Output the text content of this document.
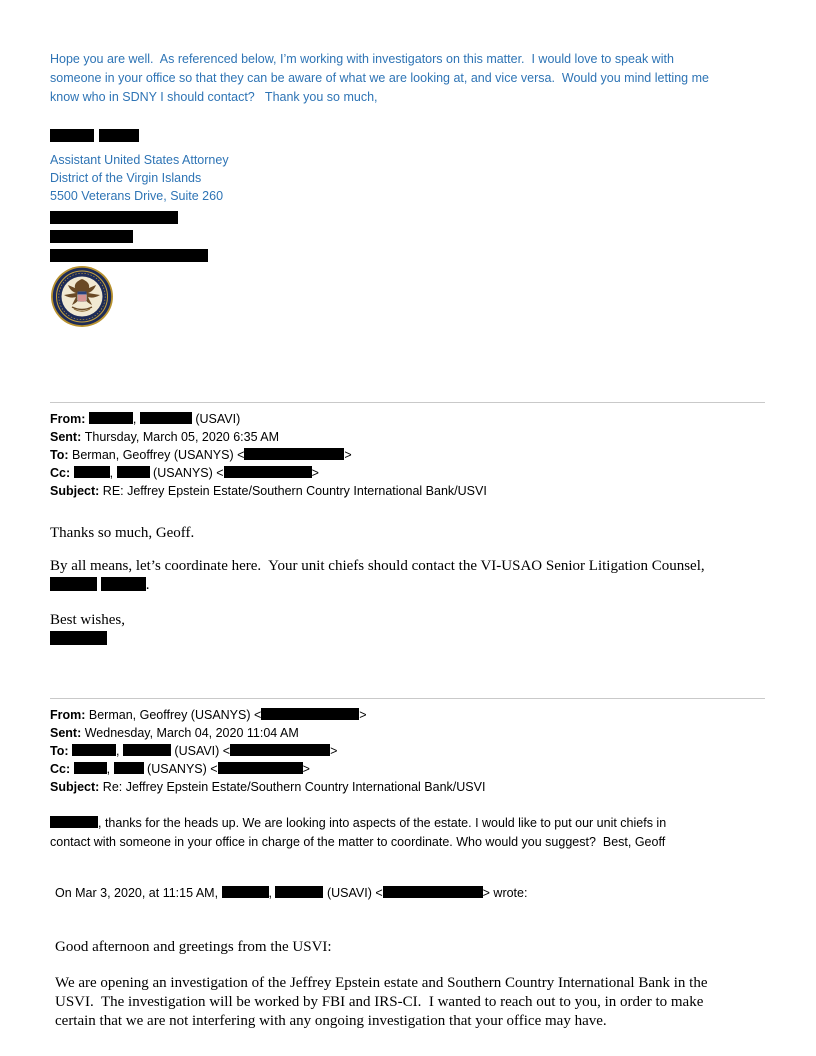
Hope you are well.  As referenced below, I’m working with investigators on this matter.  I would love to speak with
someone in your office so that they can be aware of what we are looking at, and vice versa.  Would you mind letting me
know who in SDNY I should contact?   Thank you so much,
Assistant United States Attorney
District of the Virgin Islands
5500 Veterans Drive, Suite 260
From:	,	(USAVI)
Sent: Thursday, March 05, 2020 6:35 AM
To: Berman, Geoffrey (USANYS) <	>
Cc:	,	(USANYS) <	>
Subject: RE: Jeffrey Epstein Estate/Southern Country International Bank/USVI
Thanks so much, Geoff.
By all means, let’s coordinate here.  Your unit chiefs should contact the VI-USAO Senior Litigation Counsel,
.
Best wishes,
From: Berman, Geoffrey (USANYS) <	>
Sent: Wednesday, March 04, 2020 11:04 AM
To:	,	(USAVI) <	>
Cc:	,  (USANYS) <	>
Subject: Re: Jeffrey Epstein Estate/Southern Country International Bank/USVI
, thanks for the heads up. We are looking into aspects of the estate. I would like to put our unit chiefs in
contact with someone in your office in charge of the matter to coordinate. Who would you suggest?  Best, Geoff
On Mar 3, 2020, at 11:15 AM,	,	(USAVI) <	> wrote:
Good afternoon and greetings from the USVI:
We are opening an investigation of the Jeffrey Epstein estate and Southern Country International Bank in the
USVI.  The investigation will be worked by FBI and IRS-CI.  I wanted to reach out to you, in order to make
certain that we are not interfering with any ongoing investigation that your office may have.
